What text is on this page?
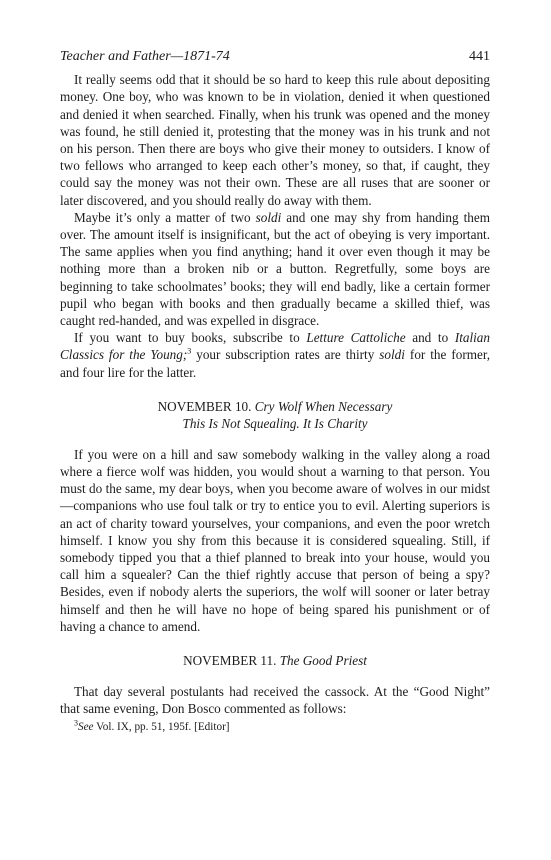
Teacher and Father—1871-74	441

It really seems odd that it should be so hard to keep this rule about depositing money. One boy, who was known to be in violation, denied it when questioned and denied it when searched. Finally, when his trunk was opened and the money was found, he still denied it, protesting that the money was in his trunk and not on his person. Then there are boys who give their money to outsiders. I know of two fellows who arranged to keep each other’s money, so that, if caught, they could say the money was not their own. These are all ruses that are sooner or later discovered, and you should really do away with them.

Maybe it’s only a matter of two soldi and one may shy from handing them over. The amount itself is insignificant, but the act of obeying is very important. The same applies when you find anything; hand it over even though it may be nothing more than a broken nib or a button. Regretfully, some boys are beginning to take schoolmates’ books; they will end badly, like a certain former pupil who began with books and then gradually became a skilled thief, was caught red-handed, and was expelled in disgrace.

If you want to buy books, subscribe to Letture Cattoliche and to Italian Classics for the Young;$^3$ your subscription rates are thirty soldi for the former, and four lire for the latter.

NOVEMBER 10. Cry Wolf When Necessary
This Is Not Squealing. It Is Charity

If you were on a hill and saw somebody walking in the valley along a road where a fierce wolf was hidden, you would shout a warning to that person. You must do the same, my dear boys, when you become aware of wolves in our midst—companions who use foul talk or try to entice you to evil. Alerting superiors is an act of charity toward yourselves, your companions, and even the poor wretch himself. I know you shy from this because it is considered squealing. Still, if somebody tipped you that a thief planned to break into your house, would you call him a squealer? Can the thief rightly accuse that person of being a spy? Besides, even if nobody alerts the superiors, the wolf will sooner or later betray himself and then he will have no hope of being spared his punishment or of having a chance to amend.

NOVEMBER 11. The Good Priest

That day several postulants had received the cassock. At the “Good Night” that same evening, Don Bosco commented as follows:

$^3$See Vol. IX, pp. 51, 195f. [Editor]
